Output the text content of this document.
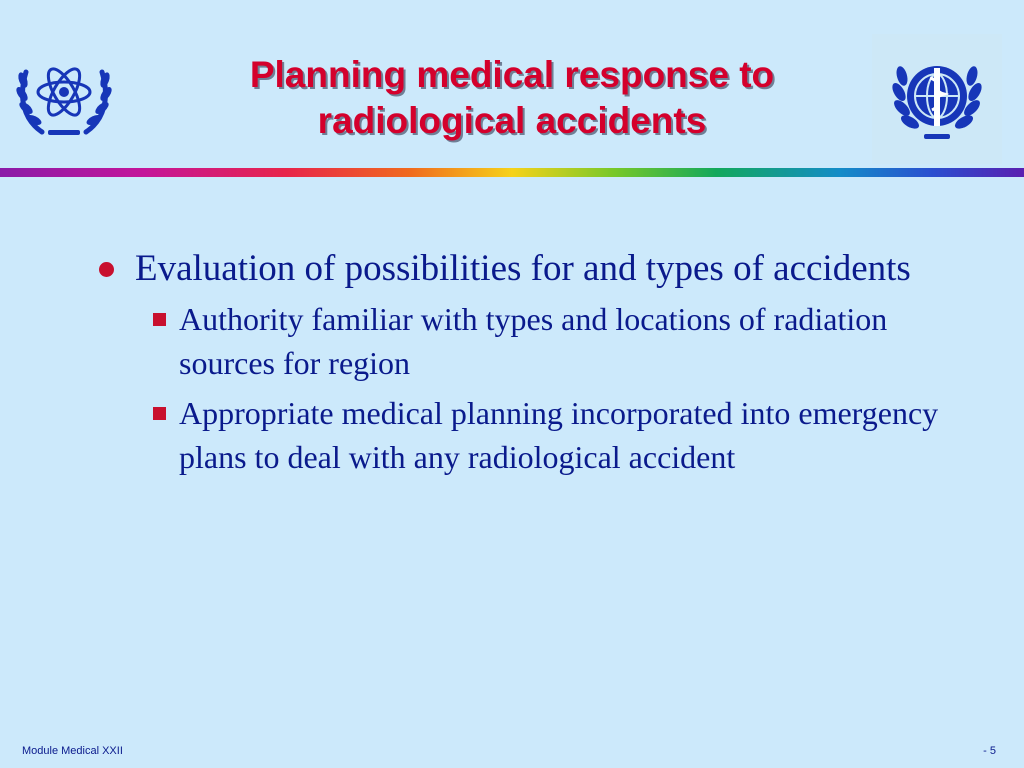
Planning medical response to
radiological accidents
Evaluation of possibilities for and types of accidents
Authority familiar with types and locations of radiation sources for region
Appropriate medical planning incorporated into emergency plans to deal with any radiological accident
Module Medical XXII	- 5
